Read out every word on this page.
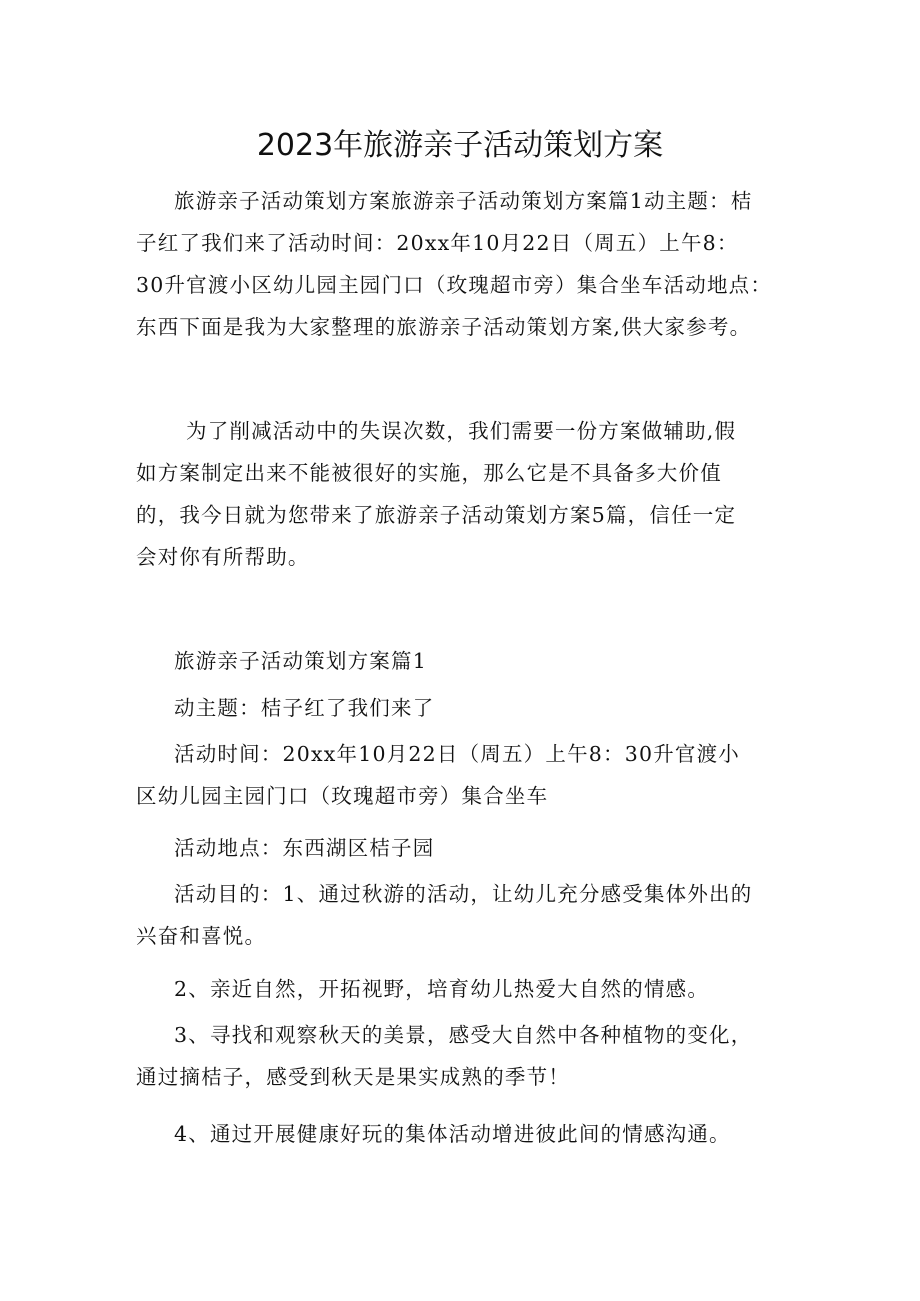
2023年旅游亲子活动策划方案
旅游亲子活动策划方案旅游亲子活动策划方案篇1动主题：桔
子红了我们来了活动时间：20xx年10月22日（周五）上午8：
30升官渡小区幼儿园主园门口（玫瑰超市旁）集合坐车活动地点：
东西下面是我为大家整理的旅游亲子活动策划方案,供大家参考。
为了削减活动中的失误次数，我们需要一份方案做辅助,假
如方案制定出来不能被很好的实施，那么它是不具备多大价值
的，我今日就为您带来了旅游亲子活动策划方案5篇，信任一定
会对你有所帮助。
旅游亲子活动策划方案篇1
动主题：桔子红了我们来了
活动时间：20xx年10月22日（周五）上午8：30升官渡小
区幼儿园主园门口（玫瑰超市旁）集合坐车
活动地点：东西湖区桔子园
活动目的：1、通过秋游的活动，让幼儿充分感受集体外出的
兴奋和喜悦。
2、亲近自然，开拓视野，培育幼儿热爱大自然的情感。
3、寻找和观察秋天的美景，感受大自然中各种植物的变化，
通过摘桔子，感受到秋天是果实成熟的季节！
4、通过开展健康好玩的集体活动增进彼此间的情感沟通。
